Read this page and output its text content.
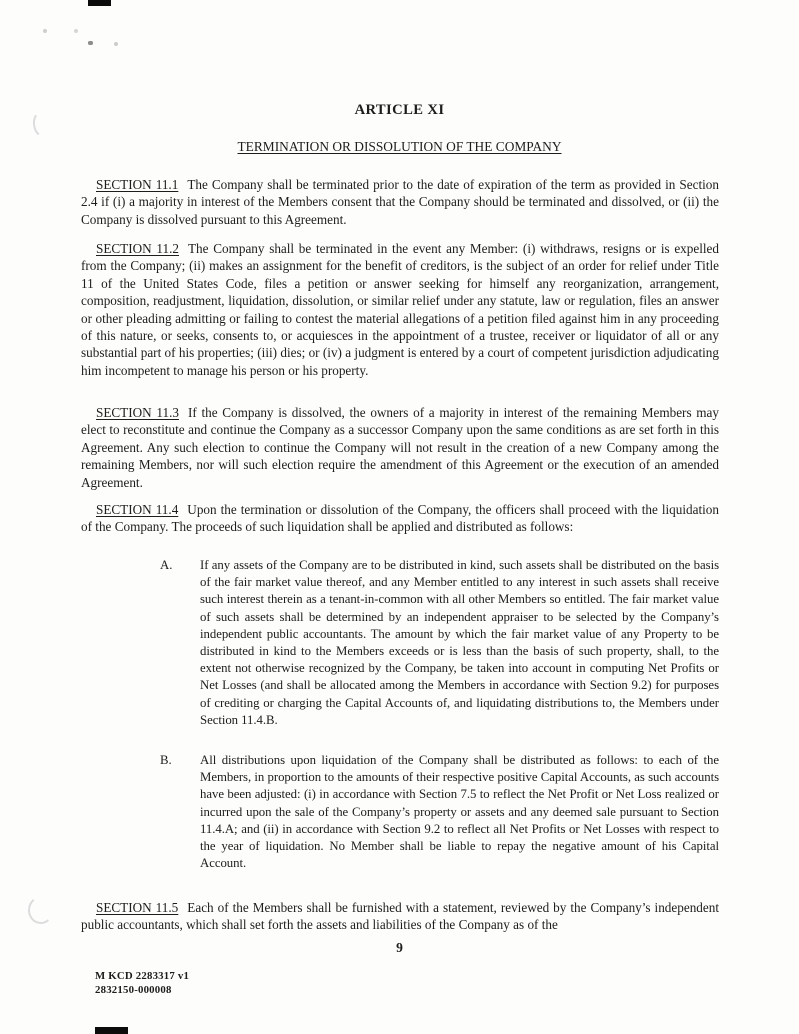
ARTICLE XI
TERMINATION OR DISSOLUTION OF THE COMPANY

SECTION 11.1 The Company shall be terminated prior to the date of expiration of the term as provided in Section 2.4 if (i) a majority in interest of the Members consent that the Company should be terminated and dissolved, or (ii) the Company is dissolved pursuant to this Agreement.

SECTION 11.2 The Company shall be terminated in the event any Member: (i) withdraws, resigns or is expelled from the Company; (ii) makes an assignment for the benefit of creditors, is the subject of an order for relief under Title 11 of the United States Code, files a petition or answer seeking for himself any reorganization, arrangement, composition, readjustment, liquidation, dissolution, or similar relief under any statute, law or regulation, files an answer or other pleading admitting or failing to contest the material allegations of a petition filed against him in any proceeding of this nature, or seeks, consents to, or acquiesces in the appointment of a trustee, receiver or liquidator of all or any substantial part of his properties; (iii) dies; or (iv) a judgment is entered by a court of competent jurisdiction adjudicating him incompetent to manage his person or his property.

SECTION 11.3 If the Company is dissolved, the owners of a majority in interest of the remaining Members may elect to reconstitute and continue the Company as a successor Company upon the same conditions as are set forth in this Agreement. Any such election to continue the Company will not result in the creation of a new Company among the remaining Members, nor will such election require the amendment of this Agreement or the execution of an amended Agreement.

SECTION 11.4 Upon the termination or dissolution of the Company, the officers shall proceed with the liquidation of the Company. The proceeds of such liquidation shall be applied and distributed as follows:

A.	If any assets of the Company are to be distributed in kind, such assets shall be distributed on the basis of the fair market value thereof, and any Member entitled to any interest in such assets shall receive such interest therein as a tenant-in-common with all other Members so entitled. The fair market value of such assets shall be determined by an independent appraiser to be selected by the Company’s independent public accountants. The amount by which the fair market value of any Property to be distributed in kind to the Members exceeds or is less than the basis of such property, shall, to the extent not otherwise recognized by the Company, be taken into account in computing Net Profits or Net Losses (and shall be allocated among the Members in accordance with Section 9.2) for purposes of crediting or charging the Capital Accounts of, and liquidating distributions to, the Members under Section 11.4.B.
B.	All distributions upon liquidation of the Company shall be distributed as follows: to each of the Members, in proportion to the amounts of their respective positive Capital Accounts, as such accounts have been adjusted: (i) in accordance with Section 7.5 to reflect the Net Profit or Net Loss realized or incurred upon the sale of the Company’s property or assets and any deemed sale pursuant to Section 11.4.A; and (ii) in accordance with Section 9.2 to reflect all Net Profits or Net Losses with respect to the year of liquidation. No Member shall be liable to repay the negative amount of his Capital Account.

SECTION 11.5 Each of the Members shall be furnished with a statement, reviewed by the Company’s independent public accountants, which shall set forth the assets and liabilities of the Company as of the

9
M KCD 2283317 v1
2832150-000008
